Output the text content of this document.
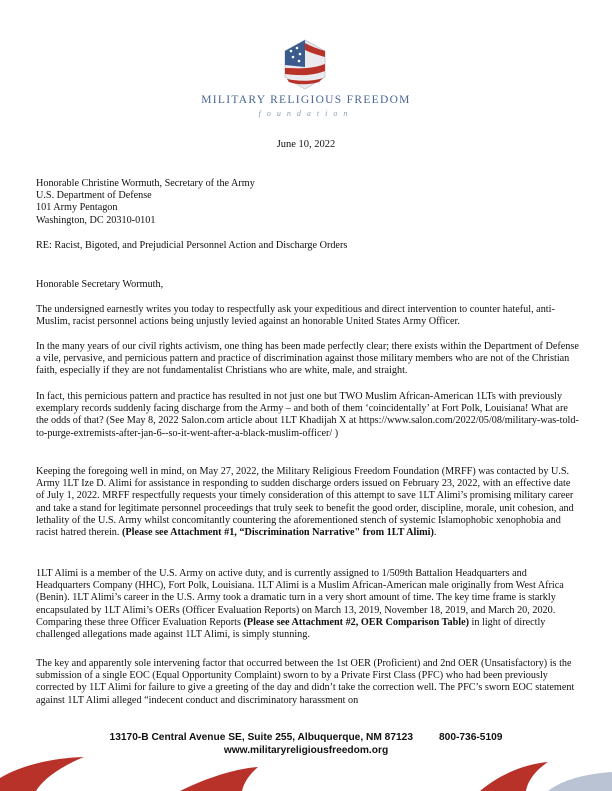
MILITARY RELIGIOUS FREEDOM
foundation
June 10, 2022
Honorable Christine Wormuth, Secretary of the Army
U.S. Department of Defense
101 Army Pentagon
Washington, DC 20310-0101

RE: Racist, Bigoted, and Prejudicial Personnel Action and Discharge Orders

Honorable Secretary Wormuth,

The undersigned earnestly writes you today to respectfully ask your expeditious and direct intervention to counter hateful, anti-Muslim, racist personnel actions being unjustly levied against an honorable United States Army Officer.

In the many years of our civil rights activism, one thing has been made perfectly clear; there exists within the Department of Defense a vile, pervasive, and pernicious pattern and practice of discrimination against those military members who are not of the Christian faith, especially if they are not fundamentalist Christians who are white, male, and straight.

In fact, this pernicious pattern and practice has resulted in not just one but TWO Muslim African-American 1LTs with previously exemplary records suddenly facing discharge from the Army – and both of them ‘coincidentally’ at Fort Polk, Louisiana! What are the odds of that? (See May 8, 2022 Salon.com article about 1LT Khadijah X at https://www.salon.com/2022/05/08/military-was-told-to-purge-extremists-after-jan-6--so-it-went-after-a-black-muslim-officer/ )

Keeping the foregoing well in mind, on May 27, 2022, the Military Religious Freedom Foundation (MRFF) was contacted by U.S. Army 1LT Ize D. Alimi for assistance in responding to sudden discharge orders issued on February 23, 2022, with an effective date of July 1, 2022. MRFF respectfully requests your timely consideration of this attempt to save 1LT Alimi’s promising military career and take a stand for legitimate personnel proceedings that truly seek to benefit the good order, discipline, morale, unit cohesion, and lethality of the U.S. Army whilst concomitantly countering the aforementioned stench of systemic Islamophobic xenophobia and racist hatred therein. (Please see Attachment #1, “Discrimination Narrative" from 1LT Alimi).

1LT Alimi is a member of the U.S. Army on active duty, and is currently assigned to 1/509th Battalion Headquarters and Headquarters Company (HHC), Fort Polk, Louisiana. 1LT Alimi is a Muslim African-American male originally from West Africa (Benin). 1LT Alimi’s career in the U.S. Army took a dramatic turn in a very short amount of time. The key time frame is starkly encapsulated by 1LT Alimi’s OERs (Officer Evaluation Reports) on March 13, 2019, November 18, 2019, and March 20, 2020. Comparing these three Officer Evaluation Reports (Please see Attachment #2, OER Comparison Table) in light of directly challenged allegations made against 1LT Alimi, is simply stunning.

The key and apparently sole intervening factor that occurred between the 1st OER (Proficient) and 2nd OER (Unsatisfactory) is the submission of a single EOC (Equal Opportunity Complaint) sworn to by a Private First Class (PFC) who had been previously corrected by 1LT Alimi for failure to give a greeting of the day and didn’t take the correction well. The PFC’s sworn EOC statement against 1LT Alimi alleged “indecent conduct and discriminatory harassment on

13170-B Central Avenue SE, Suite 255, Albuquerque, NM 87123	800-736-5109
www.militaryreligiousfreedom.org
